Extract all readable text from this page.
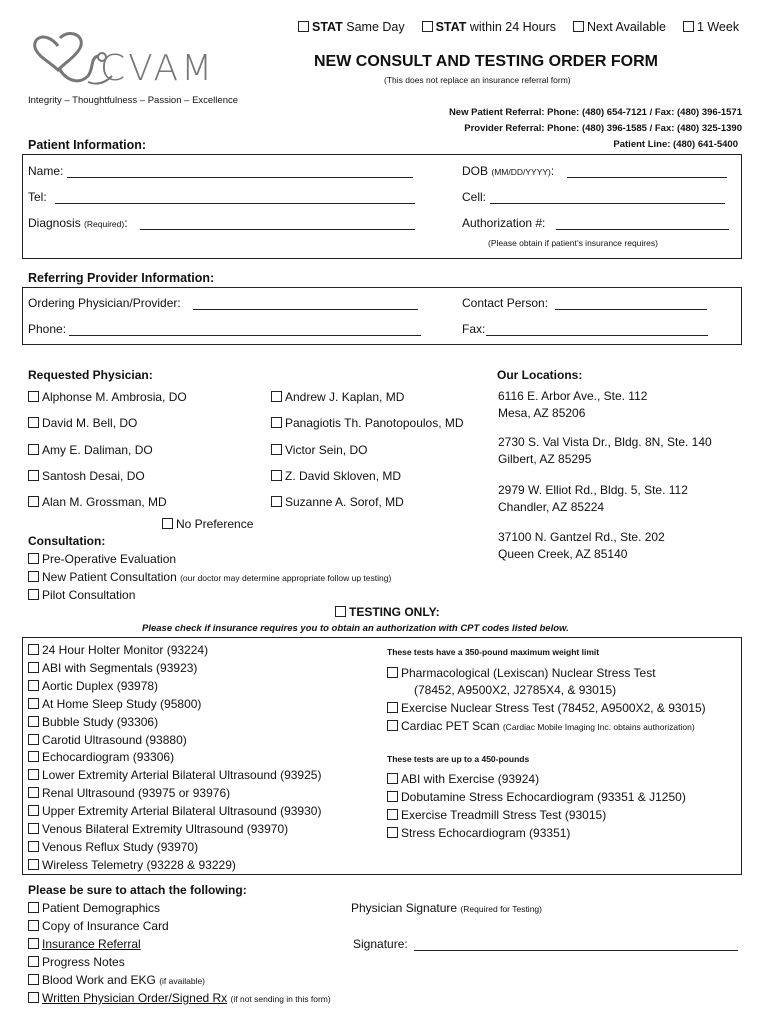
STAT Same Day STAT within 24 Hours Next Available 1 Week
CVAM
Integrity – Thoughtfulness – Passion – Excellence
NEW CONSULT AND TESTING ORDER FORM
(This does not replace an insurance referral form)
New Patient Referral: Phone: (480) 654-7121 / Fax: (480) 396-1571
Provider Referral: Phone: (480) 396-1585 / Fax: (480) 325-1390
Patient Line: (480) 641-5400
Patient Information:
Name:
Tel:
Diagnosis (Required):
DOB (MM/DD/YYYY):
Cell:
Authorization #:
(Please obtain if patient’s insurance requires)
Referring Provider Information:
Ordering Physician/Provider:
Phone:
Contact Person:
Fax:
Requested Physician:
Alphonse M. Ambrosia, DO
David M. Bell, DO
Amy E. Daliman, DO
Santosh Desai, DO
Alan M. Grossman, MD
Andrew J. Kaplan, MD
Panagiotis Th. Panotopoulos, MD
Victor Sein, DO
Z. David Skloven, MD
Suzanne A. Sorof, MD
No Preference
Our Locations:
6116 E. Arbor Ave., Ste. 112
Mesa, AZ 85206
2730 S. Val Vista Dr., Bldg. 8N, Ste. 140
Gilbert, AZ 85295
2979 W. Elliot Rd., Bldg. 5, Ste. 112
Chandler, AZ 85224
37100 N. Gantzel Rd., Ste. 202
Queen Creek, AZ 85140
Consultation:
Pre-Operative Evaluation
New Patient Consultation (our doctor may determine appropriate follow up testing)
Pilot Consultation
TESTING ONLY:
Please check if insurance requires you to obtain an authorization with CPT codes listed below.
24 Hour Holter Monitor (93224)
ABI with Segmentals (93923)
Aortic Duplex (93978)
At Home Sleep Study (95800)
Bubble Study (93306)
Carotid Ultrasound (93880)
Echocardiogram (93306)
Lower Extremity Arterial Bilateral Ultrasound (93925)
Renal Ultrasound (93975 or 93976)
Upper Extremity Arterial Bilateral Ultrasound (93930)
Venous Bilateral Extremity Ultrasound (93970)
Venous Reflux Study (93970)
Wireless Telemetry (93228 & 93229)
These tests have a 350-pound maximum weight limit
Pharmacological (Lexiscan) Nuclear Stress Test
(78452, A9500X2, J2785X4, & 93015)
Exercise Nuclear Stress Test (78452, A9500X2, & 93015)
Cardiac PET Scan (Cardiac Mobile Imaging Inc. obtains authorization)
These tests are up to a 450-pounds
ABI with Exercise (93924)
Dobutamine Stress Echocardiogram (93351 & J1250)
Exercise Treadmill Stress Test (93015)
Stress Echocardiogram (93351)
Please be sure to attach the following:
Patient Demographics
Copy of Insurance Card
Insurance Referral
Progress Notes
Blood Work and EKG (if available)
Written Physician Order/Signed Rx (if not sending in this form)
Physician Signature (Required for Testing)
Signature:
